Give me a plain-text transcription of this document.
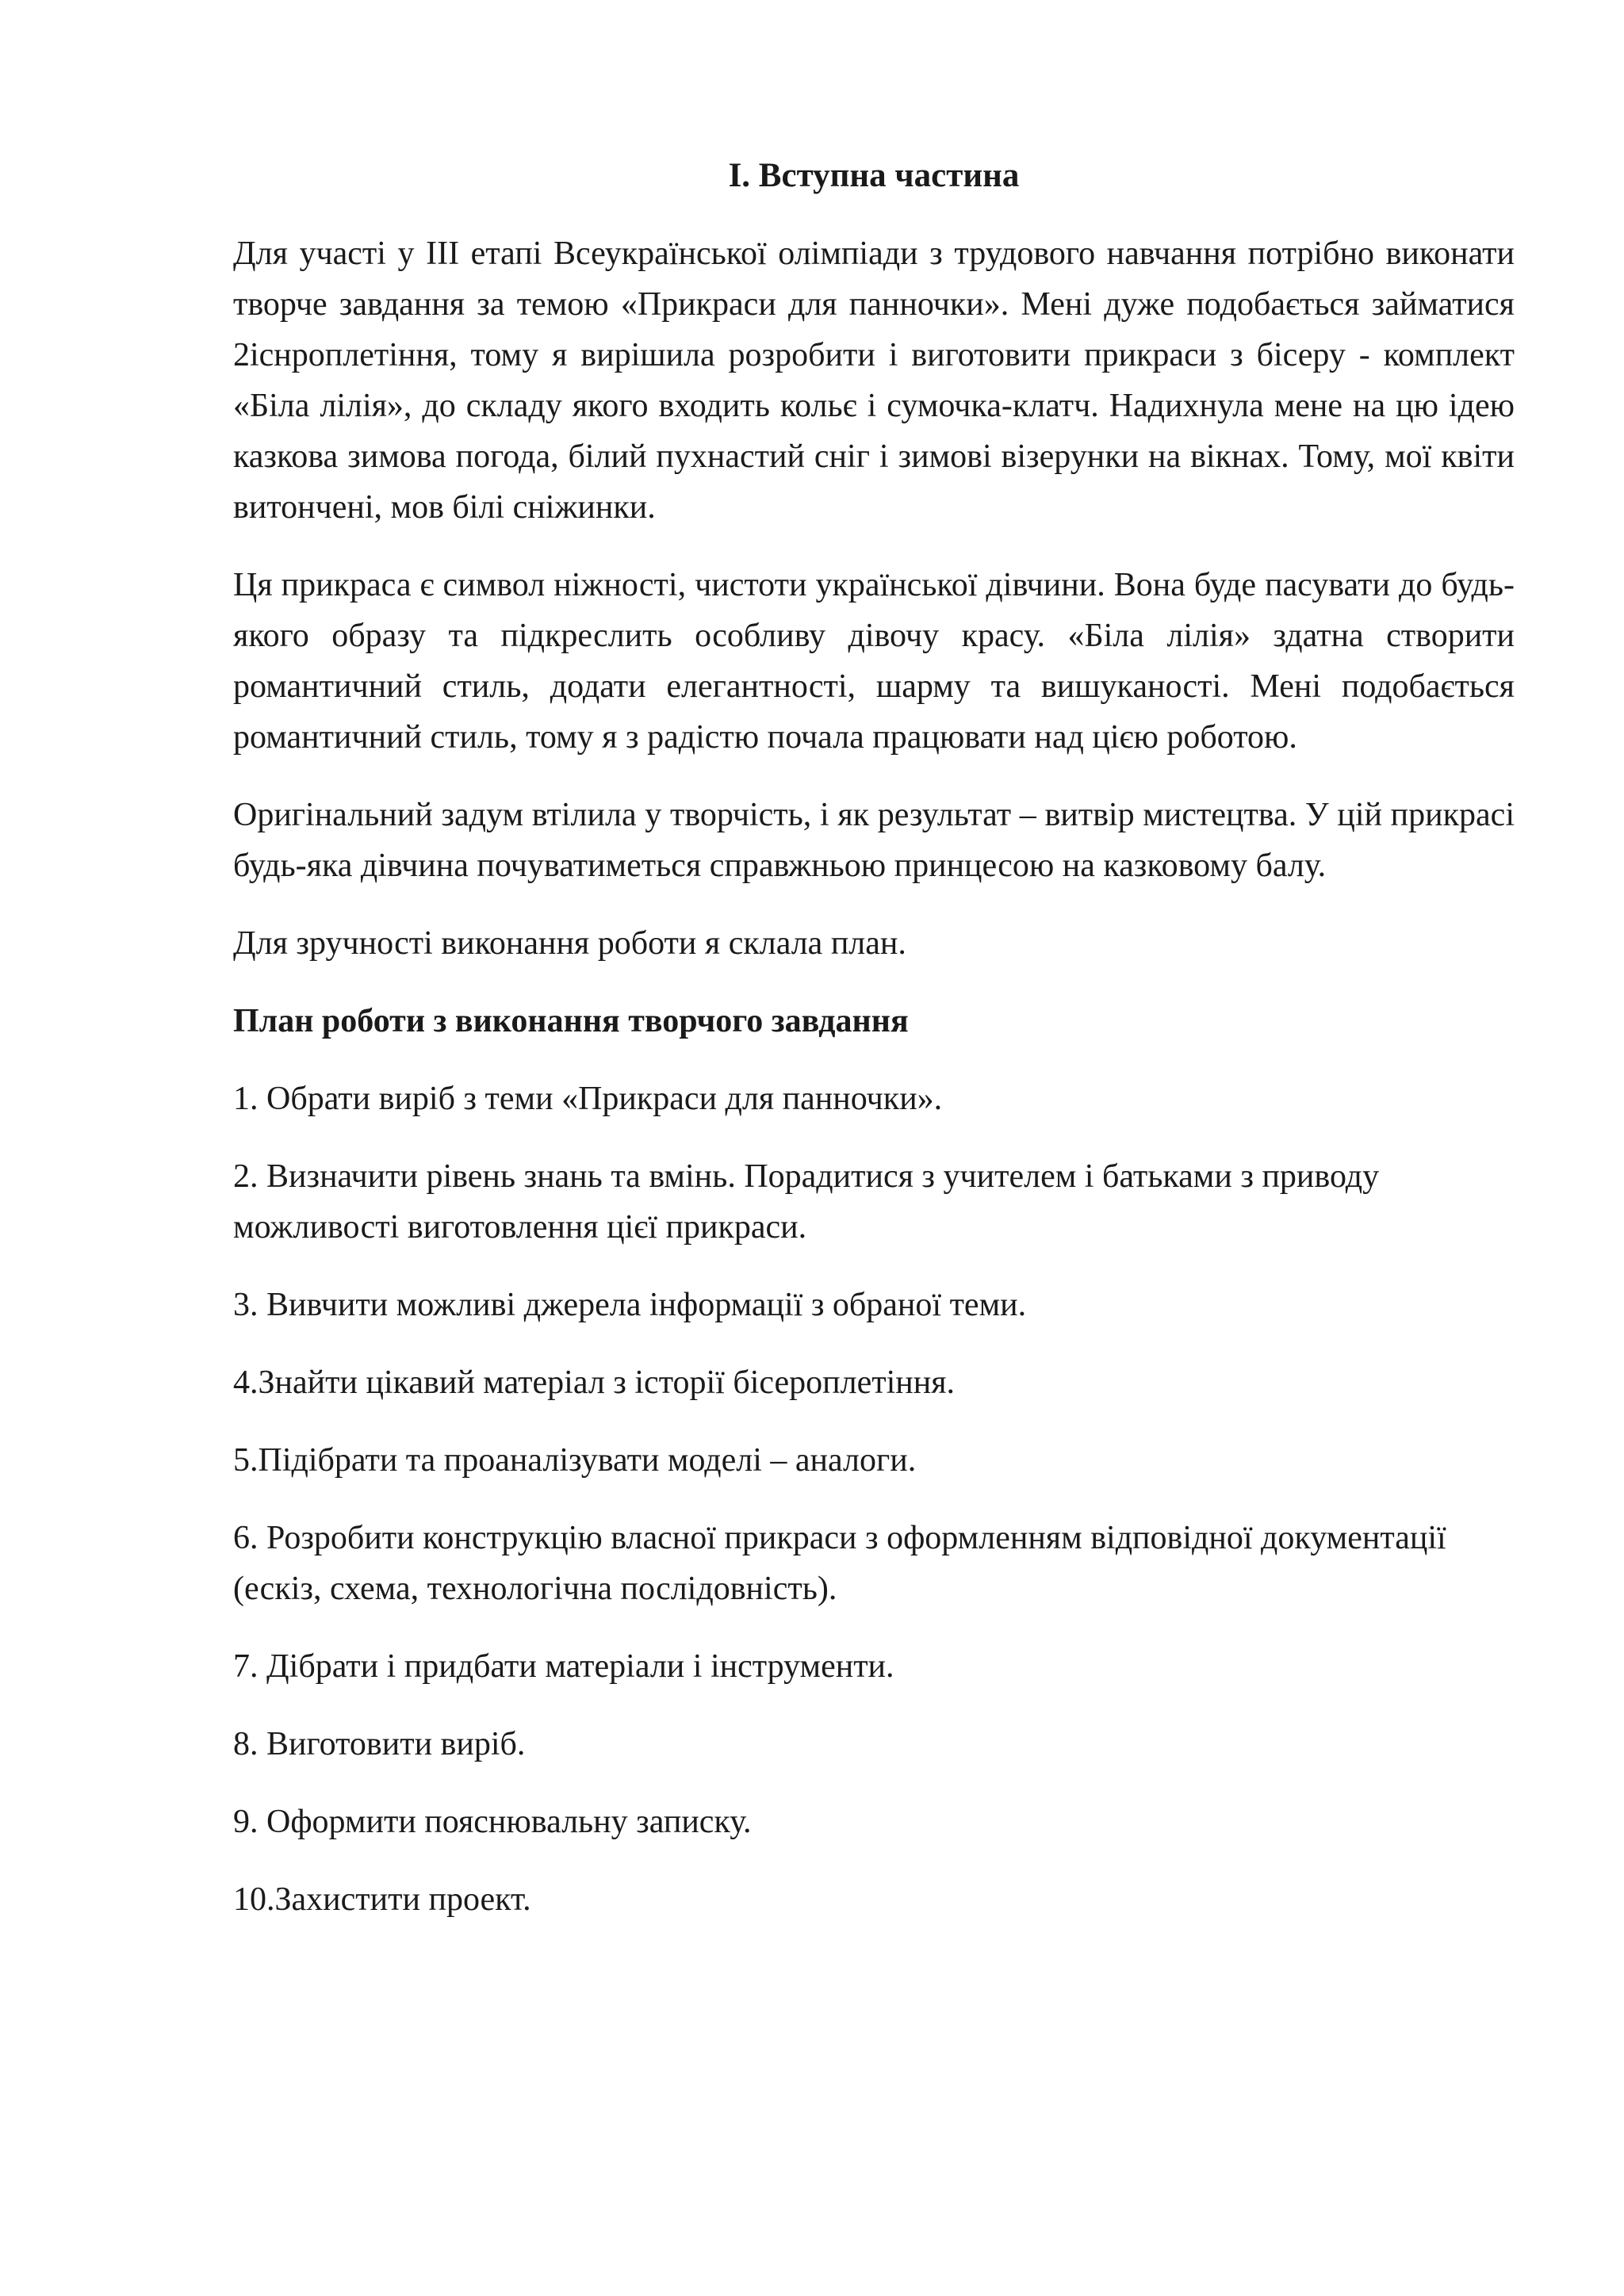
І. Вступна частина

Для участі у ІІІ етапі Всеукраїнської олімпіади з трудового навчання потрібно виконати творче завдання за темою «Прикраси для панночки». Мені дуже подобається займатися 2існроплетіння, тому я вирішила розробити і виготовити прикраси з бісеру - комплект «Біла лілія», до складу якого входить кольє і сумочка-клатч. Надихнула мене на цю ідею казкова зимова погода, білий пухнастий сніг і зимові візерунки на вікнах. Тому, мої квіти витончені, мов білі сніжинки.

Ця прикраса є символ ніжності, чистоти української дівчини. Вона буде пасувати до будь-якого образу та підкреслить особливу дівочу красу. «Біла лілія» здатна створити романтичний стиль, додати елегантності, шарму та вишуканості. Мені подобається романтичний стиль, тому я з радістю почала працювати над цією роботою.

Оригінальний задум втілила у творчість, і як результат – витвір мистецтва. У цій прикрасі будь-яка дівчина почуватиметься справжньою принцесою на казковому балу.

Для зручності виконання роботи я склала план.

План роботи з виконання творчого завдання
1. Обрати виріб з теми «Прикраси для панночки».
2. Визначити рівень знань та вмінь. Порадитися з учителем і батьками з приводу можливості виготовлення цієї прикраси.
3. Вивчити можливі джерела інформації з обраної теми.
4.Знайти цікавий матеріал з історії бісероплетіння.
5.Підібрати та проаналізувати моделі – аналоги.
6. Розробити конструкцію власної прикраси з оформленням відповідної документації (ескіз, схема, технологічна послідовність).
7. Дібрати і придбати матеріали і інструменти.
8. Виготовити виріб.
9. Оформити пояснювальну записку.
10.Захистити проект.
